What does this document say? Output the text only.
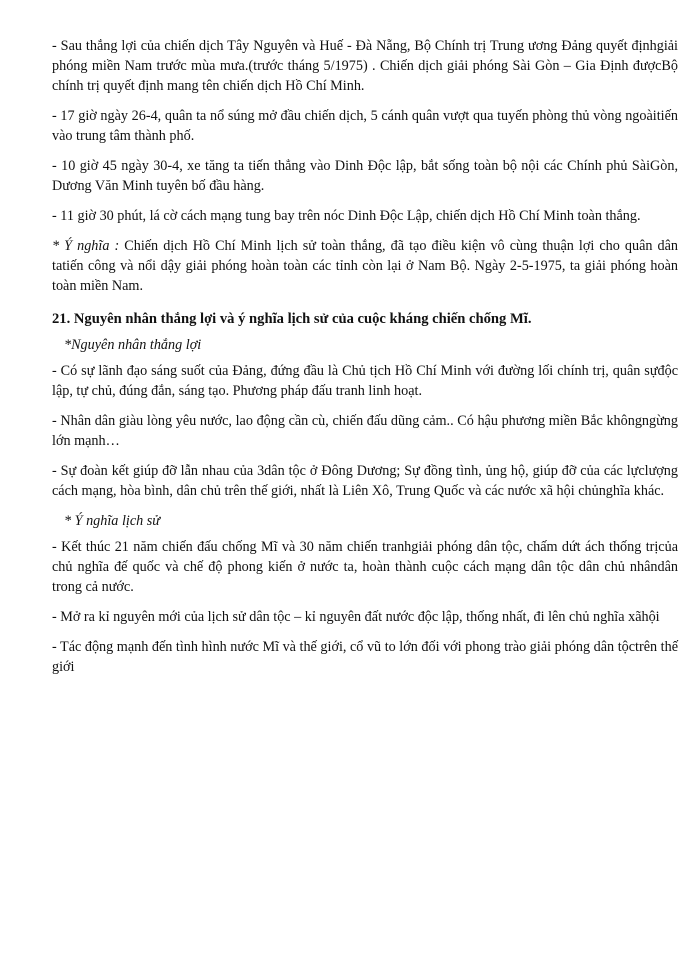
- Sau thắng lợi của chiến dịch Tây Nguyên và Huế - Đà Nẵng, Bộ Chính trị Trung ương Đảng quyết địnhgiải phóng miền Nam trước mùa mưa.(trước tháng 5/1975) . Chiến dịch giải phóng Sài Gòn – Gia Định đượcBộ chính trị quyết định mang tên chiến dịch Hồ Chí Minh.

- 17 giờ ngày 26-4, quân ta nổ súng mở đầu chiến dịch, 5 cánh quân vượt qua tuyến phòng thủ vòng ngoàitiến vào trung tâm thành phố.

- 10 giờ 45 ngày 30-4, xe tăng ta tiến thẳng vào Dinh Độc lập, bắt sống toàn bộ nội các Chính phủ SàiGòn, Dương Văn Minh tuyên bố đầu hàng.

- 11 giờ 30 phút, lá cờ cách mạng tung bay trên nóc Dinh Độc Lập, chiến dịch Hồ Chí Minh toàn thắng.

* Ý nghĩa : Chiến dịch Hồ Chí Minh lịch sử toàn thắng, đã tạo điều kiện vô cùng thuận lợi cho quân dân tatiến công và nổi dậy giải phóng hoàn toàn các tỉnh còn lại ở Nam Bộ. Ngày 2-5-1975, ta giải phóng hoàn toàn miền Nam.

21. Nguyên nhân thắng lợi và ý nghĩa lịch sử của cuộc kháng chiến chống Mĩ.

*Nguyên nhân thắng lợi

- Có sự lãnh đạo sáng suốt của Đảng, đứng đầu là Chủ tịch Hồ Chí Minh với đường lối chính trị, quân sựđộc lập, tự chủ, đúng đắn, sáng tạo. Phương pháp đấu tranh linh hoạt.

- Nhân dân giàu lòng yêu nước, lao động cần cù, chiến đấu dũng cảm.. Có hậu phương miền Bắc khôngngừng lớn mạnh…

- Sự đoàn kết giúp đỡ lẫn nhau của 3dân tộc ở Đông Dương; Sự đồng tình, ủng hộ, giúp đỡ của các lựclượng cách mạng, hòa bình, dân chủ trên thế giới, nhất là Liên Xô, Trung Quốc và các nước xã hội chủnghĩa khác.

* Ý nghĩa lịch sử

- Kết thúc 21 năm chiến đấu chống Mĩ và 30 năm chiến tranhgiải phóng dân tộc, chấm dứt ách thống trịcủa chủ nghĩa đế quốc và chế độ phong kiến ở nước ta, hoàn thành cuộc cách mạng dân tộc dân chủ nhândân trong cả nước.

- Mở ra kỉ nguyên mới của lịch sử dân tộc – kỉ nguyên đất nước độc lập, thống nhất, đi lên chủ nghĩa xãhội

- Tác động mạnh đến tình hình nước Mĩ và thế giới, cổ vũ to lớn đối với phong trào giải phóng dân tộctrên thế giới
